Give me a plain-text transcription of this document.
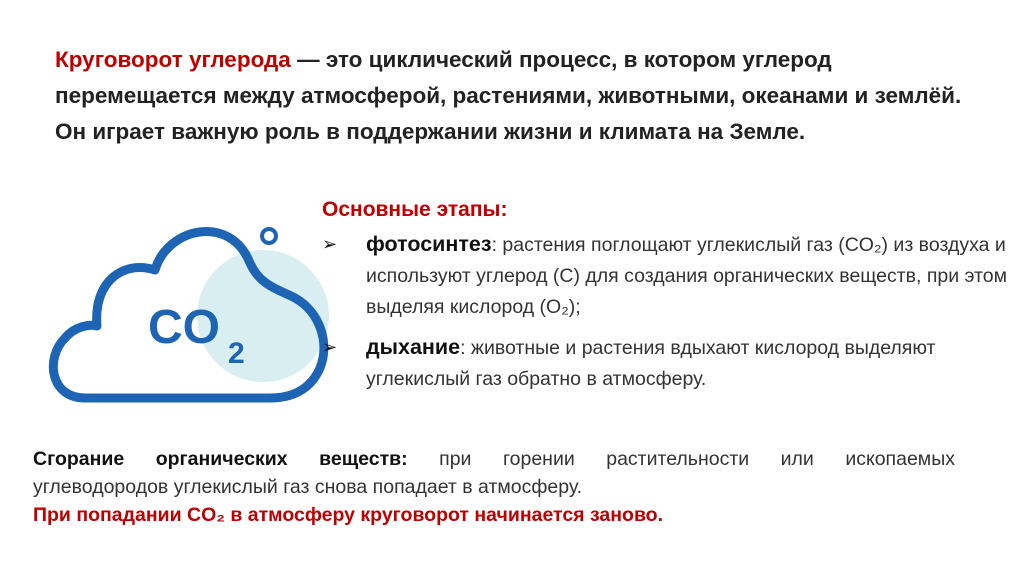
Круговорот углерода — это циклический процесс, в котором углерод перемещается между атмосферой, растениями, животными, океанами и землёй. Он играет важную роль в поддержании жизни и климата на Земле.
CO 2
Основные этапы:
➢	фотосинтез: растения поглощают углекислый газ (CO₂) из воздуха и используют углерод (C) для создания органических веществ, при этом выделяя кислород (O₂);
➢	дыхание: животные и растения вдыхают кислород выделяют углекислый газ обратно в атмосферу.
Сгорание органических веществ: при горении растительности или ископаемых
углеводородов углекислый газ снова попадает в атмосферу.
При попадании CO₂ в атмосферу круговорот начинается заново.
